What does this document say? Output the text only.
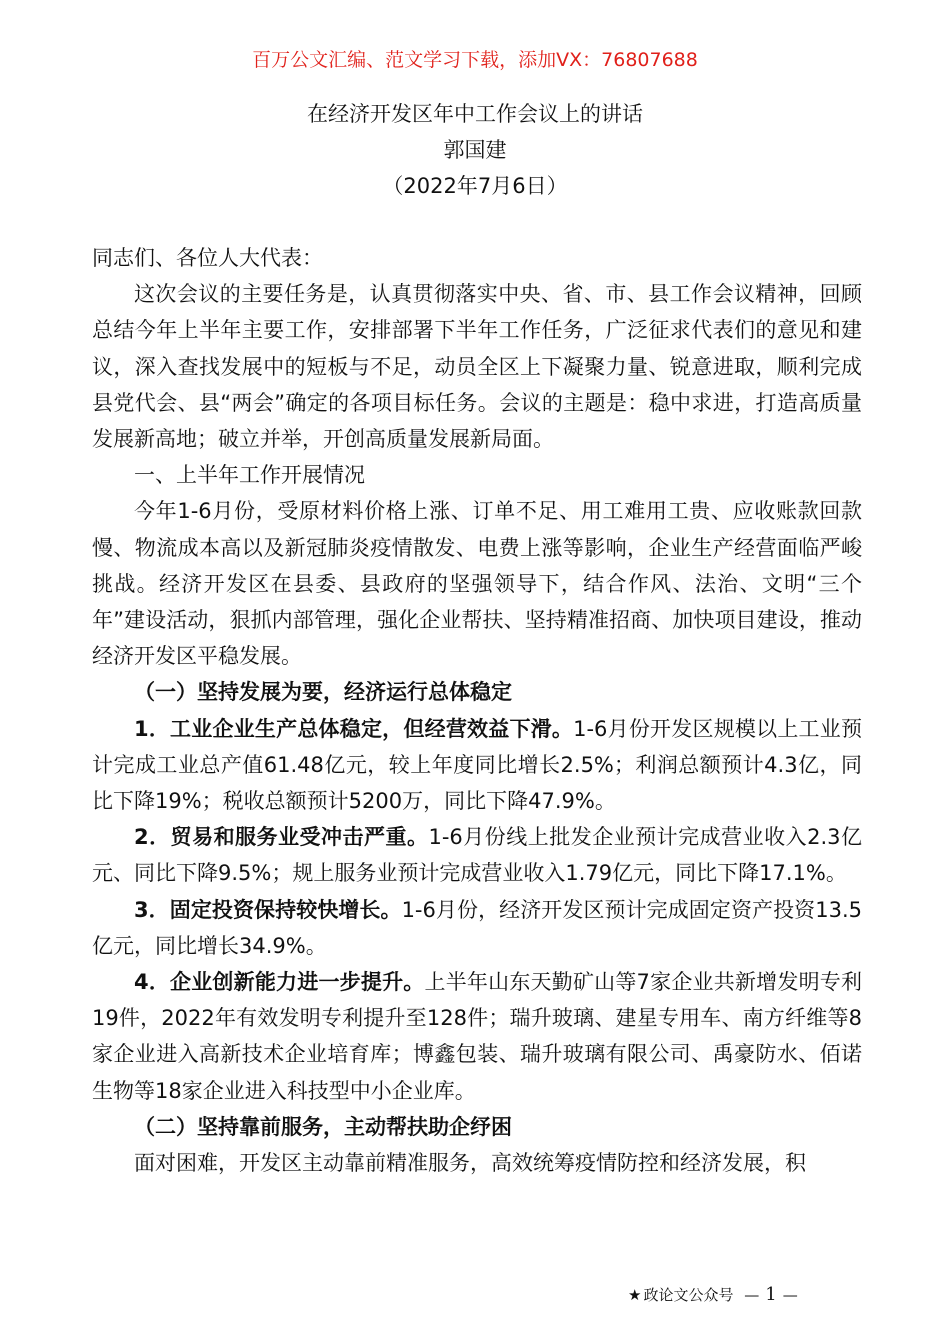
百万公文汇编、范文学习下载，添加VX：76807688
在经济开发区年中工作会议上的讲话
郭国建
（2022年7月6日）

同志们、各位人大代表：

这次会议的主要任务是，认真贯彻落实中央、省、市、县工作会议精神，回顾总结今年上半年主要工作，安排部署下半年工作任务，广泛征求代表们的意见和建议，深入查找发展中的短板与不足，动员全区上下凝聚力量、锐意进取，顺利完成县党代会、县“两会”确定的各项目标任务。会议的主题是：稳中求进，打造高质量发展新高地；破立并举，开创高质量发展新局面。

一、上半年工作开展情况

今年1-6月份，受原材料价格上涨、订单不足、用工难用工贵、应收账款回款慢、物流成本高以及新冠肺炎疫情散发、电费上涨等影响，企业生产经营面临严峻挑战。经济开发区在县委、县政府的坚强领导下，结合作风、法治、文明“三个年”建设活动，狠抓内部管理，强化企业帮扶、坚持精准招商、加快项目建设，推动经济开发区平稳发展。

（一）坚持发展为要，经济运行总体稳定

1．工业企业生产总体稳定，但经营效益下滑。1-6月份开发区规模以上工业预计完成工业总产值61.48亿元，较上年度同比增长2.5%；利润总额预计4.3亿，同比下降19%；税收总额预计5200万，同比下降47.9%。

2．贸易和服务业受冲击严重。1-6月份线上批发企业预计完成营业收入2.3亿元、同比下降9.5%；规上服务业预计完成营业收入1.79亿元，同比下降17.1%。

3．固定投资保持较快增长。1-6月份，经济开发区预计完成固定资产投资13.5亿元，同比增长34.9%。

4．企业创新能力进一步提升。上半年山东天勤矿山等7家企业共新增发明专利19件，2022年有效发明专利提升至128件；瑞升玻璃、建星专用车、南方纤维等8家企业进入高新技术企业培育库；博鑫包装、瑞升玻璃有限公司、禹豪防水、佰诺生物等18家企业进入科技型中小企业库。

（二）坚持靠前服务，主动帮扶助企纾困

面对困难，开发区主动靠前精准服务，高效统筹疫情防控和经济发展，积

★ 政论文公众号 — 1 —
